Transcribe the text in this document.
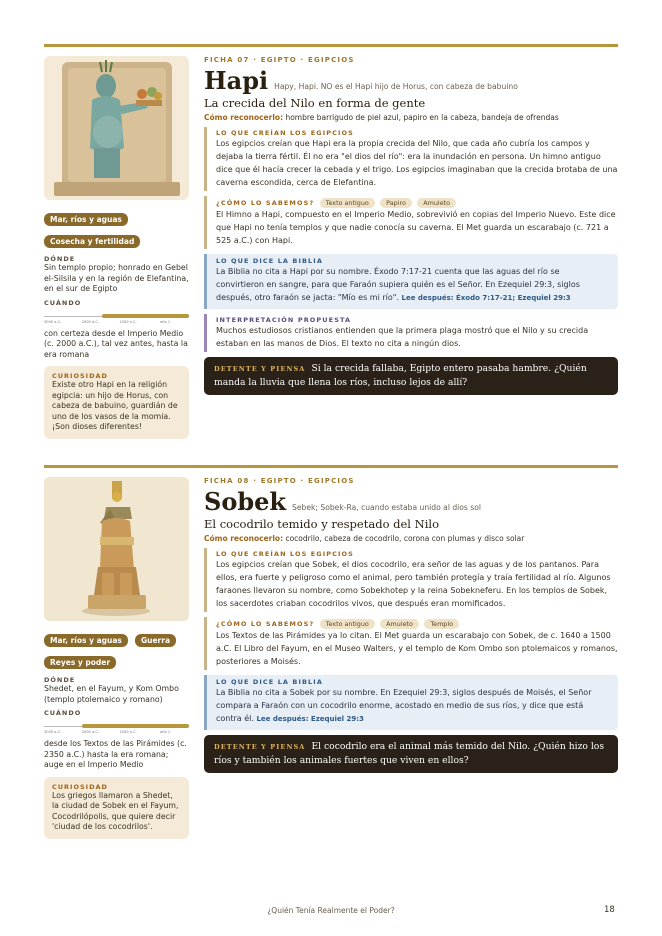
Mar, ríos y aguas
Cosecha y fertilidad
DÓNDE
Sin templo propio; honrado en Gebel el-Silsila y en la región de Elefantina, en el sur de Egipto
CUÁNDO
3000 a.C.	2000 a.C.	1000 a.C.	año 1
con certeza desde el Imperio Medio (c. 2000 a.C.), tal vez antes, hasta la era romana
CURIOSIDAD
Existe otro Hapi en la religión egipcia: un hijo de Horus, con cabeza de babuino, guardián de uno de los vasos de la momia. ¡Son dioses diferentes!
FICHA 07 · EGIPTO · EGIPCIOS
Hapi Hapy, Hapi. NO es el Hapi hijo de Horus, con cabeza de babuino
La crecida del Nilo en forma de gente
Cómo reconocerlo: hombre barrigudo de piel azul, papiro en la cabeza, bandeja de ofrendas
LO QUE CREÍAN LOS EGIPCIOS
Los egipcios creían que Hapi era la propia crecida del Nilo, que cada año cubría los campos y dejaba la tierra fértil. Él no era "el dios del río": era la inundación en persona. Un himno antiguo dice que él hacía crecer la cebada y el trigo. Los egipcios imaginaban que la crecida brotaba de una caverna escondida, cerca de Elefantina.
¿CÓMO LO SABEMOS? Texto antiguo	Papiro	Amuleto
El Himno a Hapi, compuesto en el Imperio Medio, sobrevivió en copias del Imperio Nuevo. Este dice que Hapi no tenía templos y que nadie conocía su caverna. El Met guarda un escarabajo (c. 721 a 525 a.C.) con Hapi.
LO QUE DICE LA BIBLIA
La Biblia no cita a Hapi por su nombre. Éxodo 7:17-21 cuenta que las aguas del río se convirtieron en sangre, para que Faraón supiera quién es el Señor. En Ezequiel 29:3, siglos después, otro faraón se jacta: "Mío es mi río". Lee después: Éxodo 7:17-21; Ezequiel 29:3
INTERPRETACIÓN PROPUESTA
Muchos estudiosos cristianos entienden que la primera plaga mostró que el Nilo y su crecida estaban en las manos de Dios. El texto no cita a ningún dios.
DETENTE Y PIENSA Si la crecida fallaba, Egipto entero pasaba hambre. ¿Quién manda la lluvia que llena los ríos, incluso lejos de allí?
Mar, ríos y aguas	Guerra
Reyes y poder
DÓNDE
Shedet, en el Fayum, y Kom Ombo (templo ptolemaico y romano)
CUÁNDO
3000 a.C.	2000 a.C.	1000 a.C.	año 1
desde los Textos de las Pirámides (c. 2350 a.C.) hasta la era romana; auge en el Imperio Medio
CURIOSIDAD
Los griegos llamaron a Shedet, la ciudad de Sobek en el Fayum, Cocodrilópolis, que quiere decir 'ciudad de los cocodrilos'.
FICHA 08 · EGIPTO · EGIPCIOS
Sobek Sebek; Sobek-Ra, cuando estaba unido al dios sol
El cocodrilo temido y respetado del Nilo
Cómo reconocerlo: cocodrilo, cabeza de cocodrilo, corona con plumas y disco solar
LO QUE CREÍAN LOS EGIPCIOS
Los egipcios creían que Sobek, el dios cocodrilo, era señor de las aguas y de los pantanos. Para ellos, era fuerte y peligroso como el animal, pero también protegía y traía fertilidad al río. Algunos faraones llevaron su nombre, como Sobekhotep y la reina Sobekneferu. En los templos de Sobek, los sacerdotes criaban cocodrilos vivos, que después eran momificados.
¿CÓMO LO SABEMOS? Texto antiguo	Amuleto	Templo
Los Textos de las Pirámides ya lo citan. El Met guarda un escarabajo con Sobek, de c. 1640 a 1500 a.C. El Libro del Fayum, en el Museo Walters, y el templo de Kom Ombo son ptolemaicos y romanos, posteriores a Moisés.
LO QUE DICE LA BIBLIA
La Biblia no cita a Sobek por su nombre. En Ezequiel 29:3, siglos después de Moisés, el Señor compara a Faraón con un cocodrilo enorme, acostado en medio de sus ríos, y dice que está contra él. Lee después: Ezequiel 29:3
DETENTE Y PIENSA El cocodrilo era el animal más temido del Nilo. ¿Quién hizo los ríos y también los animales fuertes que viven en ellos?
¿Quién Tenía Realmente el Poder?	18
